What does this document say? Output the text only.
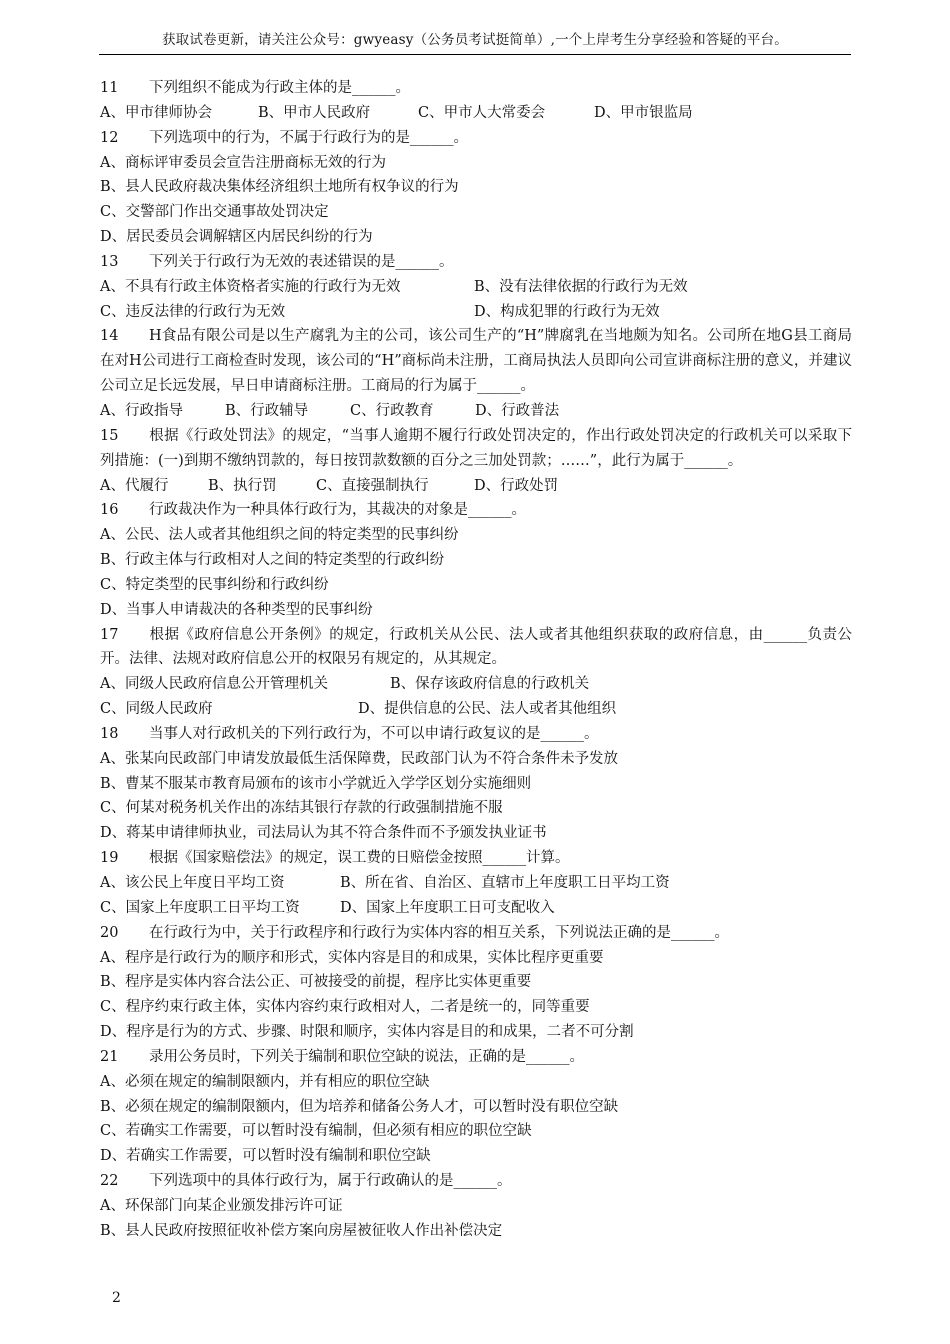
获取试卷更新，请关注公众号：gwyeasy（公务员考试挺简单）,一个上岸考生分享经验和答疑的平台。
11 下列组织不能成为行政主体的是______。
A、甲市律师协会	B、甲市人民政府	C、甲市人大常委会	D、甲市银监局
12 下列选项中的行为，不属于行政行为的是______。
A、商标评审委员会宣告注册商标无效的行为
B、县人民政府裁决集体经济组织土地所有权争议的行为
C、交警部门作出交通事故处罚决定
D、居民委员会调解辖区内居民纠纷的行为
13 下列关于行政行为无效的表述错误的是______。
A、不具有行政主体资格者实施的行政行为无效	B、没有法律依据的行政行为无效
C、违反法律的行政行为无效	D、构成犯罪的行政行为无效
14 H食品有限公司是以生产腐乳为主的公司，该公司生产的“H”牌腐乳在当地颇为知名。公司所在地G县工商局在对H公司进行工商检查时发现，该公司的“H”商标尚未注册，工商局执法人员即向公司宣讲商标注册的意义，并建议公司立足长远发展，早日申请商标注册。工商局的行为属于______。
A、行政指导	B、行政辅导	C、行政教育	D、行政普法
15 根据《行政处罚法》的规定，“当事人逾期不履行行政处罚决定的，作出行政处罚决定的行政机关可以采取下列措施：(一)到期不缴纳罚款的，每日按罚款数额的百分之三加处罚款；……”，此行为属于______。
A、代履行	B、执行罚	C、直接强制执行	D、行政处罚
16 行政裁决作为一种具体行政行为，其裁决的对象是______。
A、公民、法人或者其他组织之间的特定类型的民事纠纷
B、行政主体与行政相对人之间的特定类型的行政纠纷
C、特定类型的民事纠纷和行政纠纷
D、当事人申请裁决的各种类型的民事纠纷
17 根据《政府信息公开条例》的规定，行政机关从公民、法人或者其他组织获取的政府信息，由______负责公开。法律、法规对政府信息公开的权限另有规定的，从其规定。
A、同级人民政府信息公开管理机关	B、保存该政府信息的行政机关
C、同级人民政府	D、提供信息的公民、法人或者其他组织
18 当事人对行政机关的下列行政行为，不可以申请行政复议的是______。
A、张某向民政部门申请发放最低生活保障费，民政部门认为不符合条件未予发放
B、曹某不服某市教育局颁布的该市小学就近入学学区划分实施细则
C、何某对税务机关作出的冻结其银行存款的行政强制措施不服
D、蒋某申请律师执业，司法局认为其不符合条件而不予颁发执业证书
19 根据《国家赔偿法》的规定，误工费的日赔偿金按照______计算。
A、该公民上年度日平均工资	B、所在省、自治区、直辖市上年度职工日平均工资
C、国家上年度职工日平均工资	D、国家上年度职工日可支配收入
20 在行政行为中，关于行政程序和行政行为实体内容的相互关系，下列说法正确的是______。
A、程序是行政行为的顺序和形式，实体内容是目的和成果，实体比程序更重要
B、程序是实体内容合法公正、可被接受的前提，程序比实体更重要
C、程序约束行政主体，实体内容约束行政相对人，二者是统一的，同等重要
D、程序是行为的方式、步骤、时限和顺序，实体内容是目的和成果，二者不可分割
21 录用公务员时，下列关于编制和职位空缺的说法，正确的是______。
A、必须在规定的编制限额内，并有相应的职位空缺
B、必须在规定的编制限额内，但为培养和储备公务人才，可以暂时没有职位空缺
C、若确实工作需要，可以暂时没有编制，但必须有相应的职位空缺
D、若确实工作需要，可以暂时没有编制和职位空缺
22 下列选项中的具体行政行为，属于行政确认的是______。
A、环保部门向某企业颁发排污许可证
B、县人民政府按照征收补偿方案向房屋被征收人作出补偿决定
2
